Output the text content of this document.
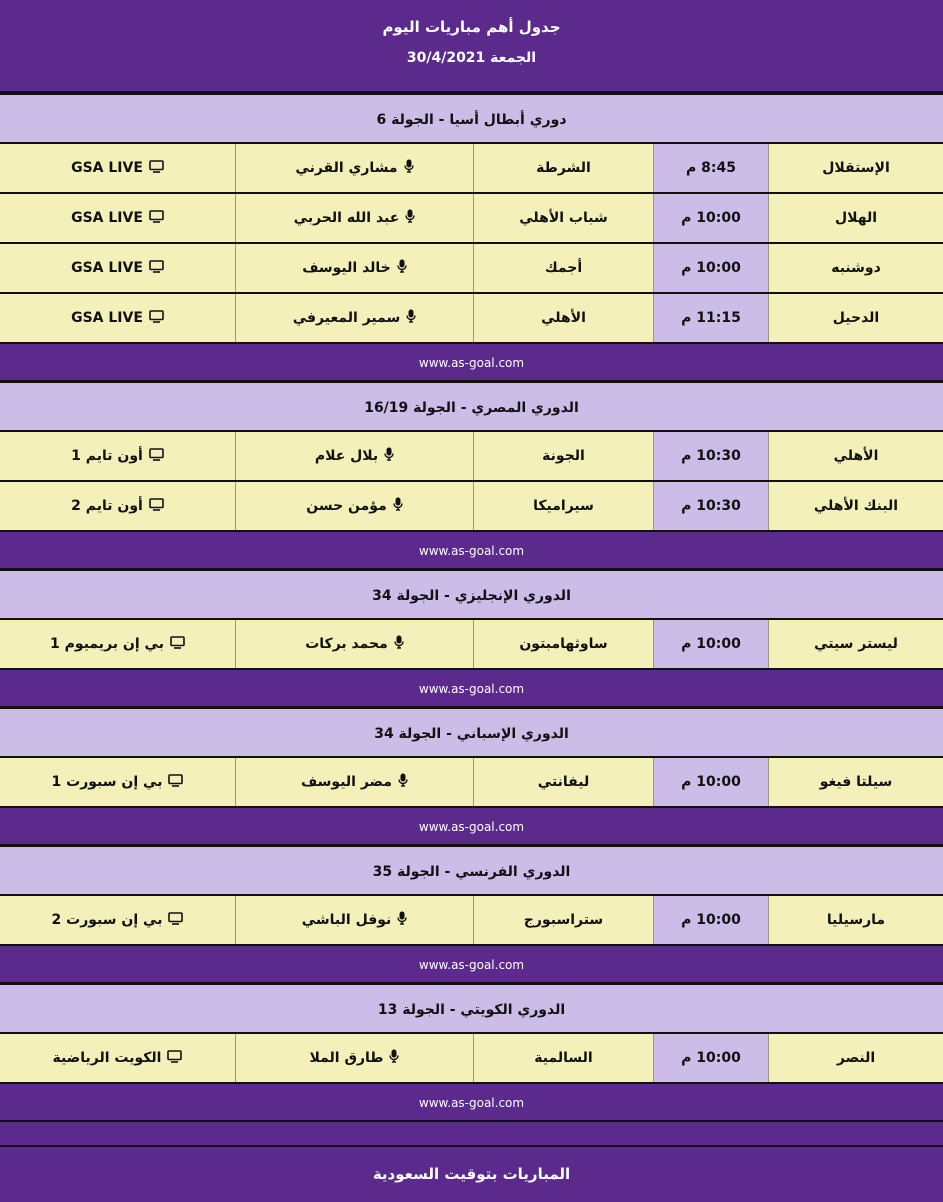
جدول أهم مباريات اليوم
الجمعة 30/4/2021
دوري أبطال أسيا - الجولة 6
الإستقلال
8:45 م
الشرطة
مشاري القرني
GSA LIVE
الهلال
10:00 م
شباب الأهلي
عبد الله الحربي
GSA LIVE
دوشنبه
10:00 م
أجمك
خالد اليوسف
GSA LIVE
الدحيل
11:15 م
الأهلي
سمير المعيرفي
GSA LIVE
www.as-goal.com
الدوري المصري - الجولة 16/19
الأهلي
10:30 م
الجونة
بلال علام
أون تايم 1
البنك الأهلي
10:30 م
سيراميكا
مؤمن حسن
أون تايم 2
www.as-goal.com
الدوري الإنجليزي - الجولة 34
ليستر سيتي
10:00 م
ساوثهامبتون
محمد بركات
بي إن بريميوم 1
www.as-goal.com
الدوري الإسباني - الجولة 34
سيلتا فيغو
10:00 م
ليفانتي
مضر اليوسف
بي إن سبورت 1
www.as-goal.com
الدوري الفرنسي - الجولة 35
مارسيليا
10:00 م
ستراسبورج
نوفل الباشي
بي إن سبورت 2
www.as-goal.com
الدوري الكويتي - الجولة 13
النصر
10:00 م
السالمية
طارق الملا
الكويت الرياضية
www.as-goal.com
المباريات بتوقيت السعودية
